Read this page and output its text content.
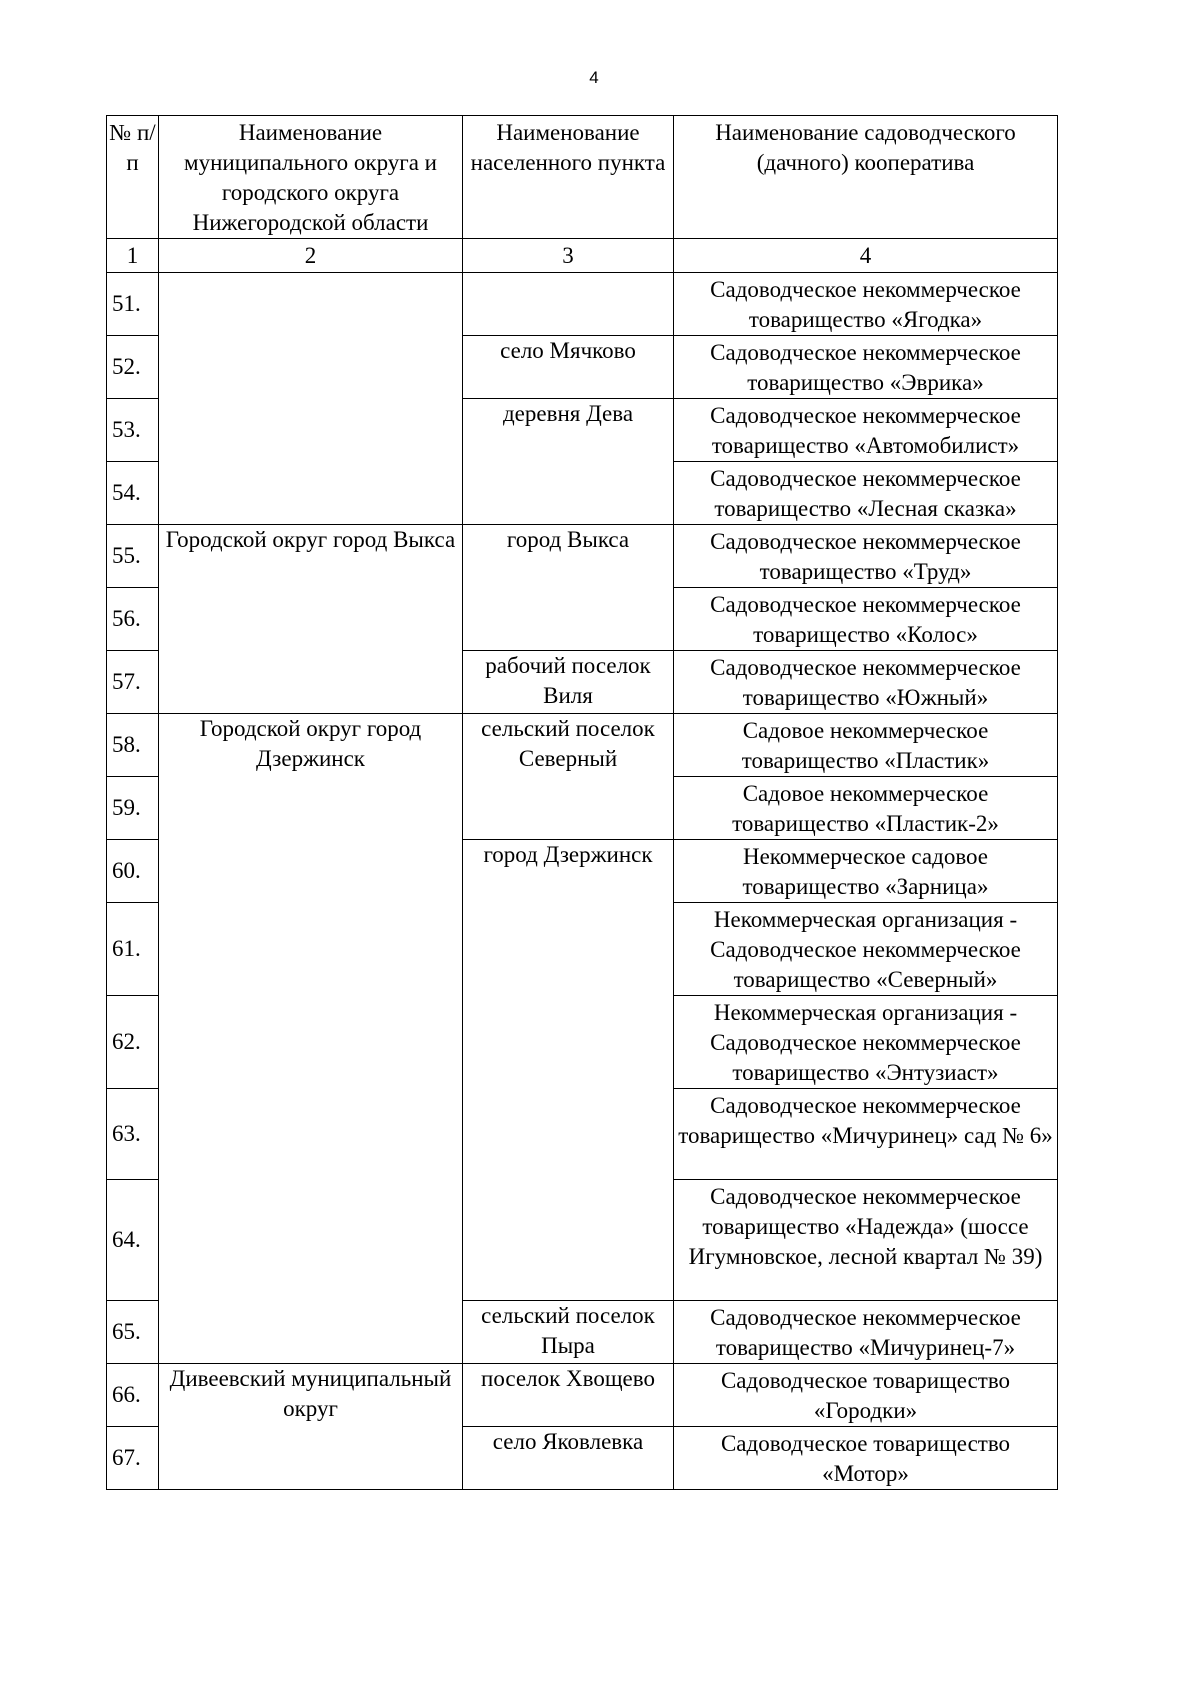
4
№ п/п	Наименование муниципального округа и городского округа Нижегородской области	Наименование населенного пункта	Наименование садоводческого (дачного) кооператива
1	2	3	4
51.			Садоводческое некоммерческое товарищество «Ягодка»
52.		село Мячково	Садоводческое некоммерческое товарищество «Эврика»
53.		деревня Дева	Садоводческое некоммерческое товарищество «Автомобилист»
54.			Садоводческое некоммерческое товарищество «Лесная сказка»
55.	Городской округ город Выкса	город Выкса	Садоводческое некоммерческое товарищество «Труд»
56.			Садоводческое некоммерческое товарищество «Колос»
57.		рабочий поселок Виля	Садоводческое некоммерческое товарищество «Южный»
58.	Городской округ город Дзержинск	сельский поселок Северный	Садовое некоммерческое товарищество «Пластик»
59.			Садовое некоммерческое товарищество «Пластик-2»
60.		город Дзержинск	Некоммерческое садовое товарищество «Зарница»
61.			Некоммерческая организация - Садоводческое некоммерческое товарищество «Северный»
62.			Некоммерческая организация - Садоводческое некоммерческое товарищество «Энтузиаст»
63.			Садоводческое некоммерческое товарищество «Мичуринец» сад № 6»
64.			Садоводческое некоммерческое товарищество «Надежда» (шоссе Игумновское, лесной квартал № 39)
65.		сельский поселок Пыра	Садоводческое некоммерческое товарищество «Мичуринец-7»
66.	Дивеевский муниципальный округ	поселок Хвощево	Садоводческое товарищество «Городки»
67.		село Яковлевка	Садоводческое товарищество «Мотор»
